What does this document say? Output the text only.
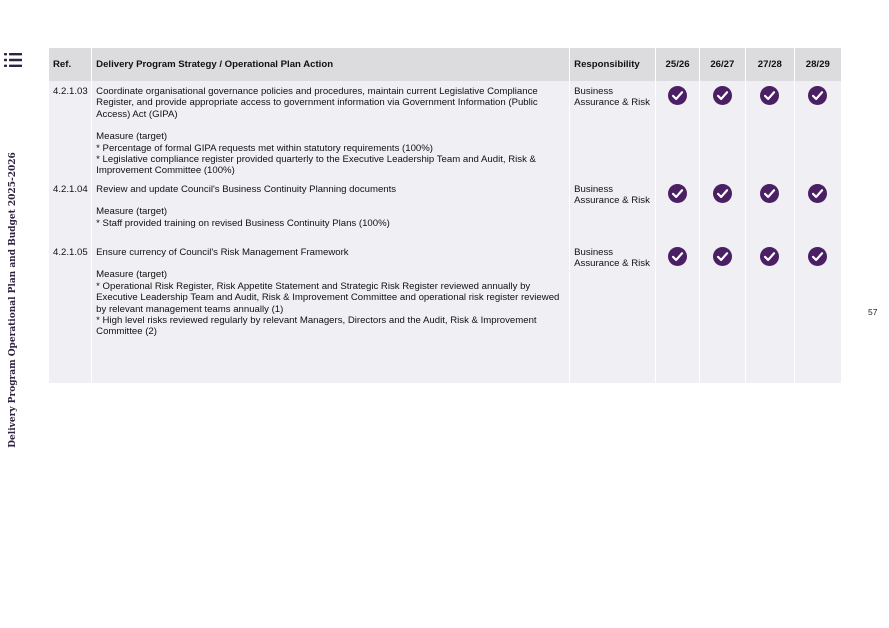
Delivery Program Operational Plan and Budget 2025-2026	57
Ref.	Delivery Program Strategy / Operational Plan Action	Responsibility	25/26	26/27	27/28	28/29
4.2.1.03	Coordinate organisational governance policies and procedures, maintain current Legislative Compliance Register, and provide appropriate access to government information via Government Information (Public Access) Act (GIPA)
Measure (target)
* Percentage of formal GIPA requests met within statutory requirements (100%)
* Legislative compliance register provided quarterly to the Executive Leadership Team and Audit, Risk & Improvement Committee (100%)	Business Assurance & Risk				
4.2.1.04	Review and update Council's Business Continuity Planning documents
Measure (target)
* Staff provided training on revised Business Continuity Plans (100%)	Business Assurance & Risk				
4.2.1.05	Ensure currency of Council's Risk Management Framework
Measure (target)
* Operational Risk Register, Risk Appetite Statement and Strategic Risk Register reviewed annually by Executive Leadership Team and Audit, Risk & Improvement Committee and operational risk register reviewed by relevant management teams annually (1)
* High level risks reviewed regularly by relevant Managers, Directors and the Audit, Risk & Improvement Committee (2)	Business Assurance & Risk				
